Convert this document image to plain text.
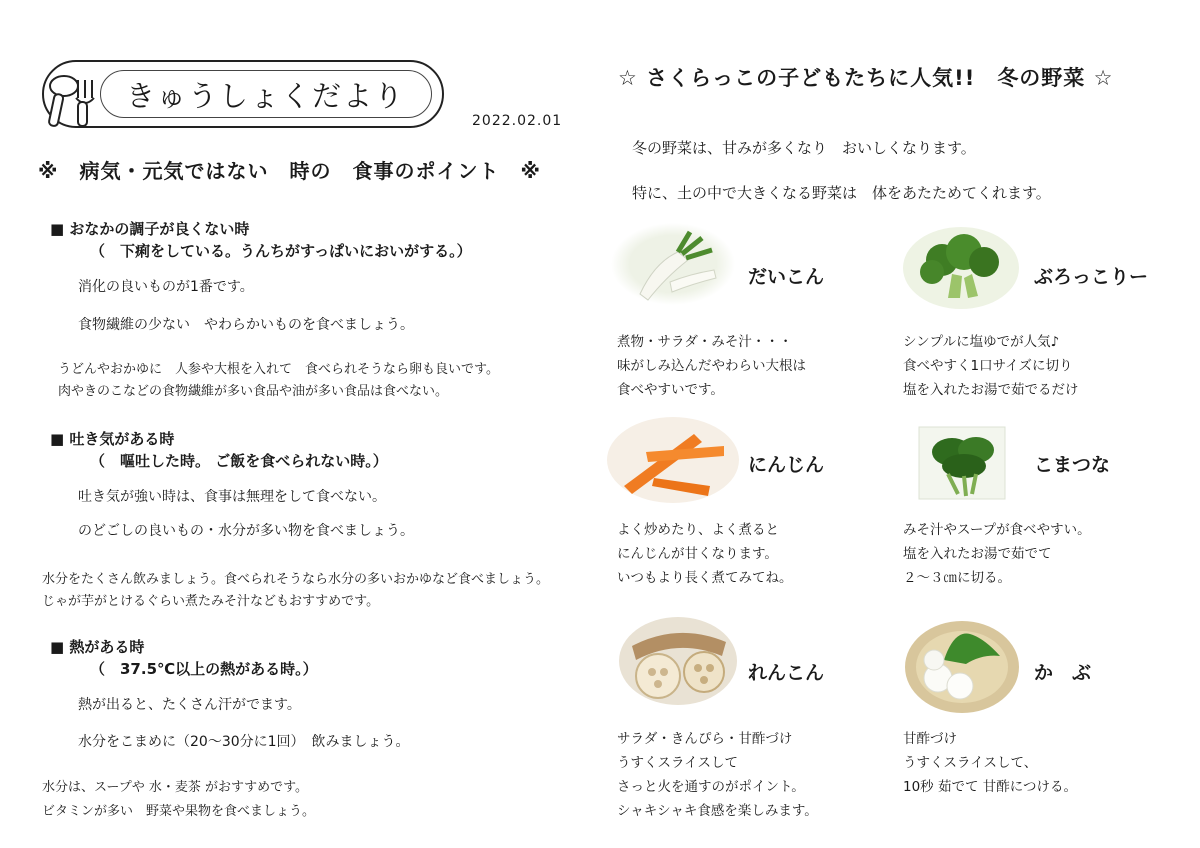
きゅうしょくだより
2022.02.01
※　病気・元気ではない　時の　食事のポイント　※
■ おなかの調子が良くない時
（　下痢をしている。うんちがすっぱいにおいがする。）
消化の良いものが1番です。
食物繊維の少ない　やわらかいものを食べましょう。
うどんやおかゆに　人参や大根を入れて　食べられそうなら卵も良いです。
肉やきのこなどの食物繊維が多い食品や油が多い食品は食べない。
■ 吐き気がある時
（　嘔吐した時。 ご飯を食べられない時。）
吐き気が強い時は、食事は無理をして食べない。
のどごしの良いもの・水分が多い物を食べましょう。
水分をたくさん飲みましょう。食べられそうなら水分の多いおかゆなど食べましょう。
じゃが芋がとけるぐらい煮たみそ汁などもおすすめです。
■ 熱がある時
（　37.5℃以上の熱がある時。）
熱が出ると、たくさん汗がでます。
水分をこまめに（20～30分に1回）　飲みましょう。
水分は、スープや 水・麦茶 がおすすめです。
ビタミンが多い　野菜や果物を食べましょう。
☆ さくらっこの子どもたちに人気!!　冬の野菜 ☆
冬の野菜は、甘みが多くなり　おいしくなります。
特に、土の中で大きくなる野菜は　体をあたためてくれます。
だいこん
煮物・サラダ・みそ汁・・・
味がしみ込んだやわらい大根は
食べやすいです。
ぶろっこりー
シンプルに塩ゆでが人気♪
食べやすく1口サイズに切り
塩を入れたお湯で茹でるだけ
にんじん
よく炒めたり、よく煮ると
にんじんが甘くなります。
いつもより長く煮てみてね。
こまつな
みそ汁やスープが食べやすい。
塩を入れたお湯で茹でて
２～３㎝に切る。
れんこん
サラダ・きんぴら・甘酢づけ
うすくスライスして
さっと火を通すのがポイント。
シャキシャキ食感を楽しみます。
か　ぶ
甘酢づけ
うすくスライスして、
10秒 茹でて 甘酢につける。
